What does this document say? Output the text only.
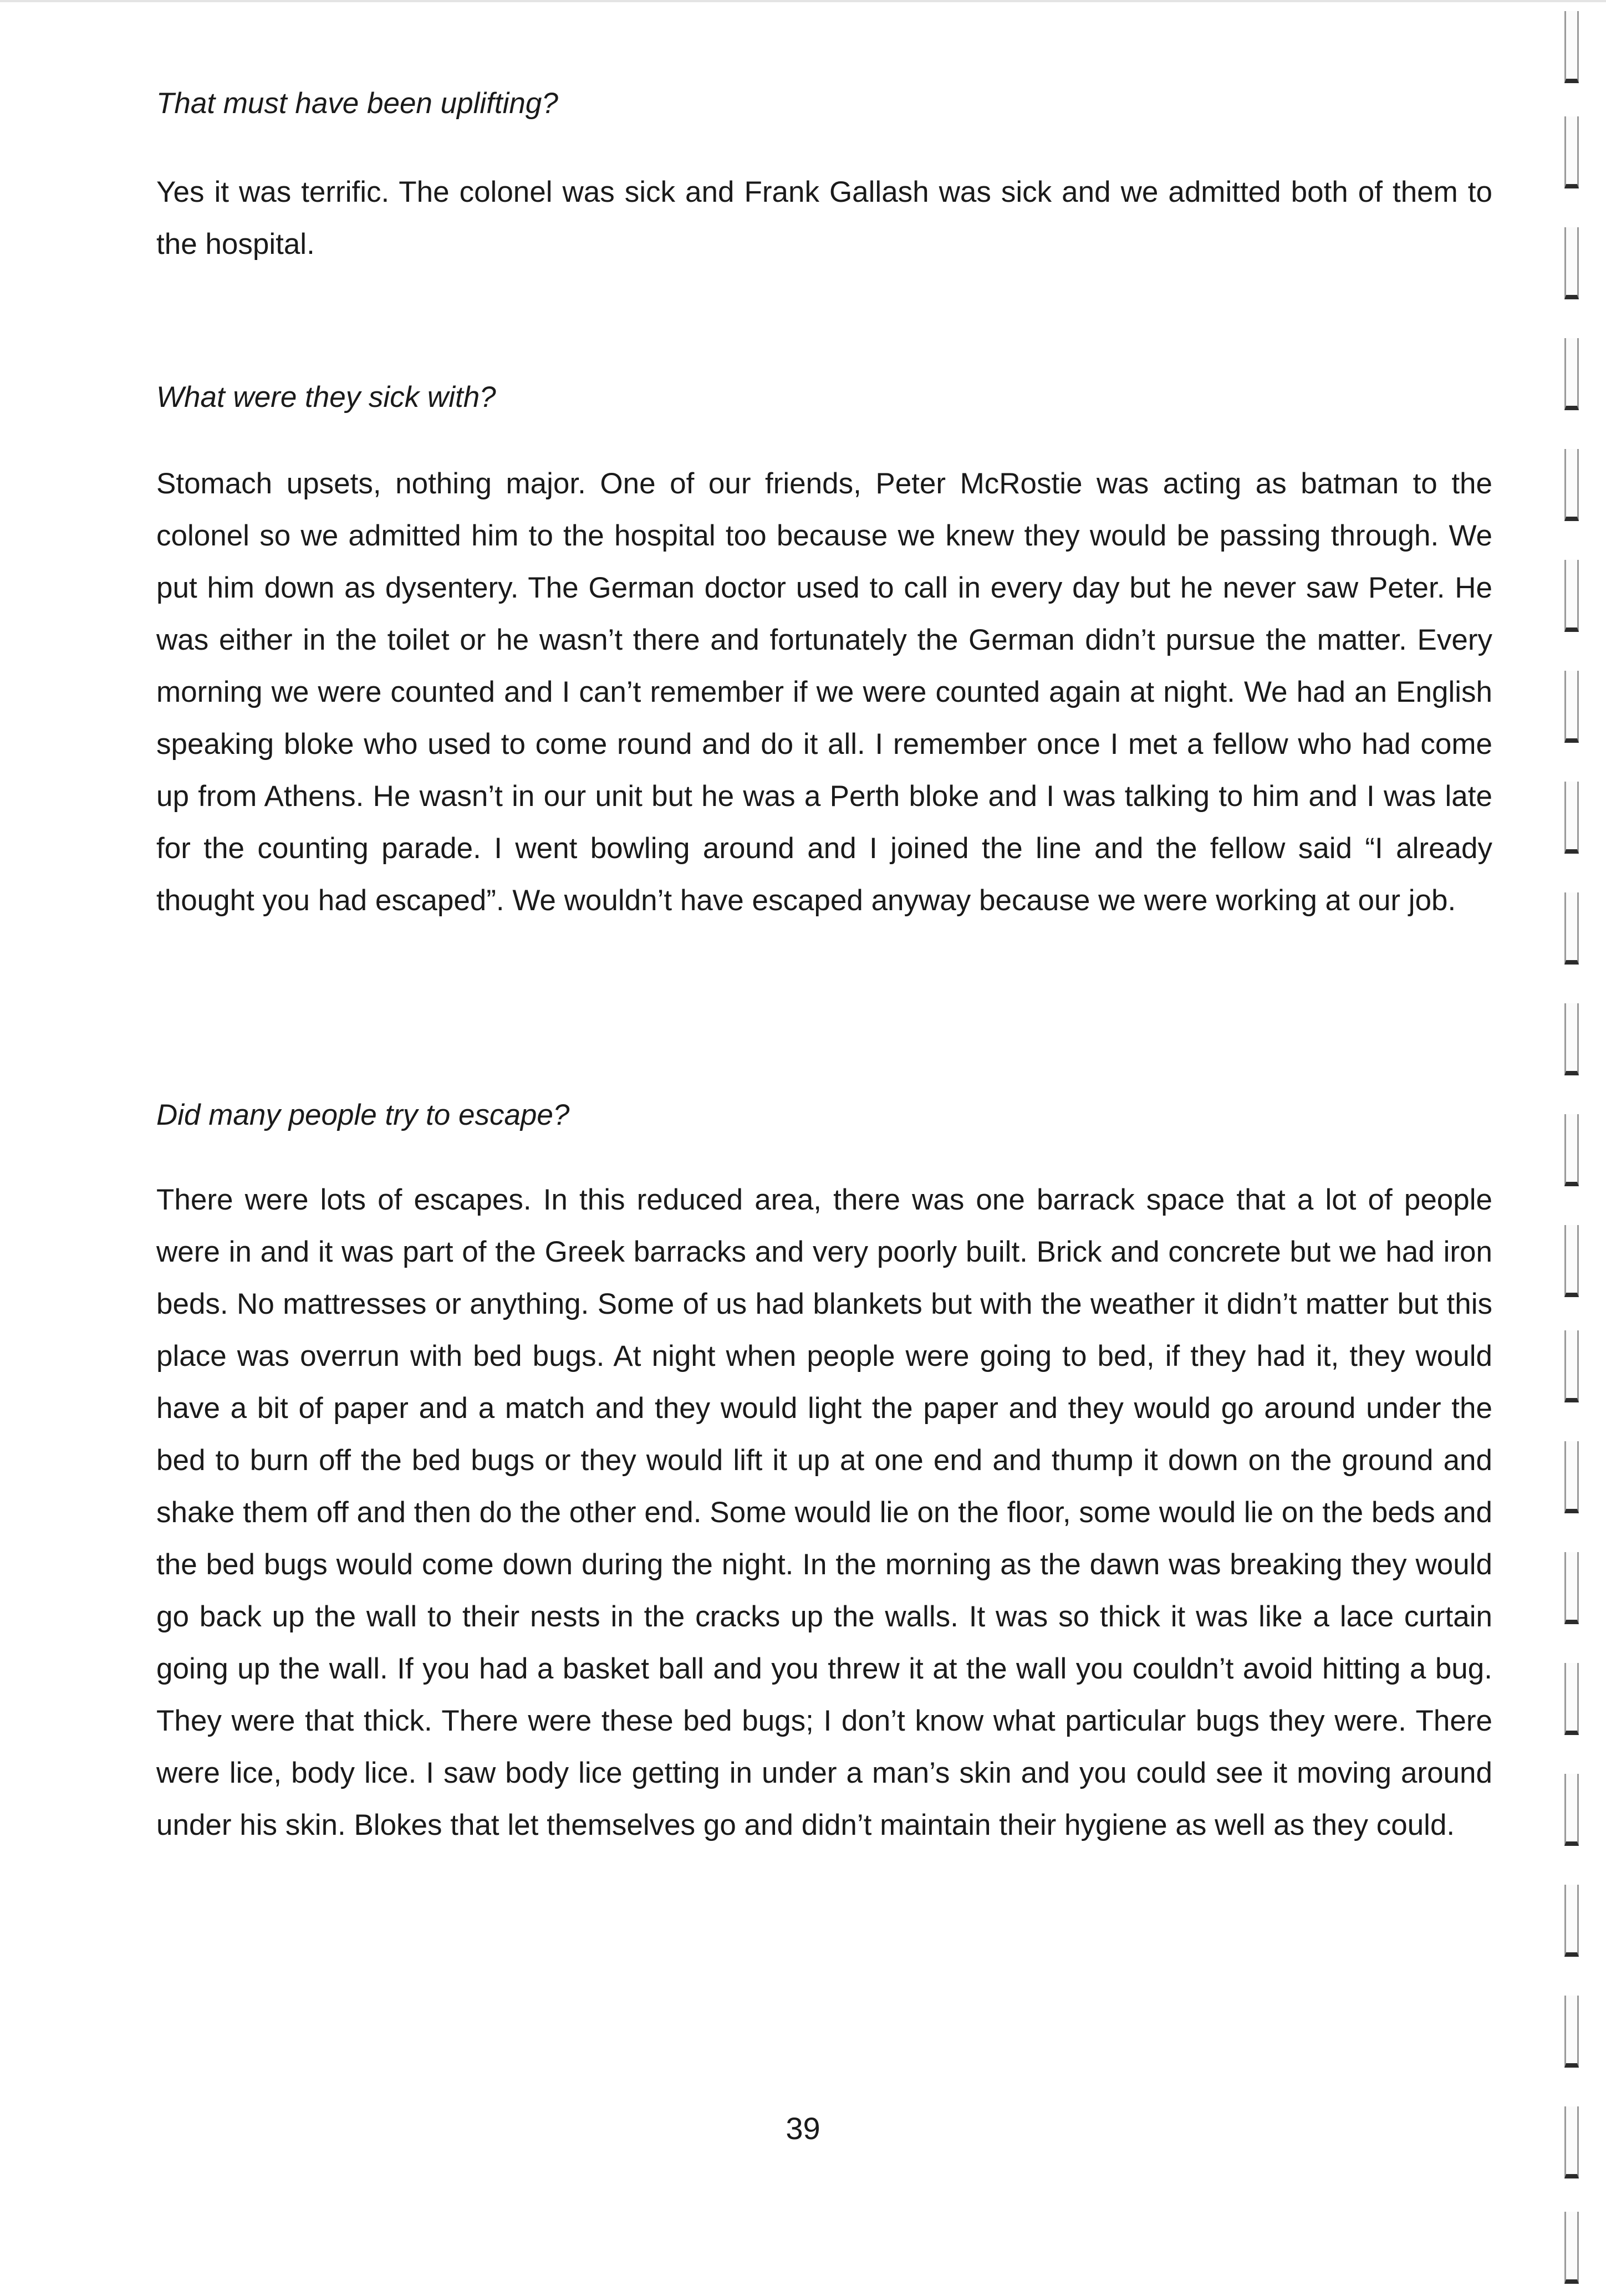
That must have been uplifting?

Yes it was terrific. The colonel was sick and Frank Gallash was sick and we admitted both of them to the hospital.

What were they sick with?

Stomach upsets, nothing major. One of our friends, Peter McRostie was acting as batman to the colonel so we admitted him to the hospital too because we knew they would be passing through. We put him down as dysentery. The German doctor used to call in every day but he never saw Peter. He was either in the toilet or he wasn’t there and fortunately the German didn’t pursue the matter. Every morning we were counted and I can’t remember if we were counted again at night. We had an English speaking bloke who used to come round and do it all. I remember once I met a fellow who had come up from Athens. He wasn’t in our unit but he was a Perth bloke and I was talking to him and I was late for the counting parade. I went bowling around and I joined the line and the fellow said “I already thought you had escaped”. We wouldn’t have escaped anyway because we were working at our job.

Did many people try to escape?

There were lots of escapes. In this reduced area, there was one barrack space that a lot of people were in and it was part of the Greek barracks and very poorly built. Brick and concrete but we had iron beds. No mattresses or anything. Some of us had blankets but with the weather it didn’t matter but this place was overrun with bed bugs. At night when people were going to bed, if they had it, they would have a bit of paper and a match and they would light the paper and they would go around under the bed to burn off the bed bugs or they would lift it up at one end and thump it down on the ground and shake them off and then do the other end. Some would lie on the floor, some would lie on the beds and the bed bugs would come down during the night. In the morning as the dawn was breaking they would go back up the wall to their nests in the cracks up the walls. It was so thick it was like a lace curtain going up the wall. If you had a basket ball and you threw it at the wall you couldn’t avoid hitting a bug. They were that thick. There were these bed bugs; I don’t know what particular bugs they were. There were lice, body lice. I saw body lice getting in under a man’s skin and you could see it moving around under his skin. Blokes that let themselves go and didn’t maintain their hygiene as well as they could.

39
